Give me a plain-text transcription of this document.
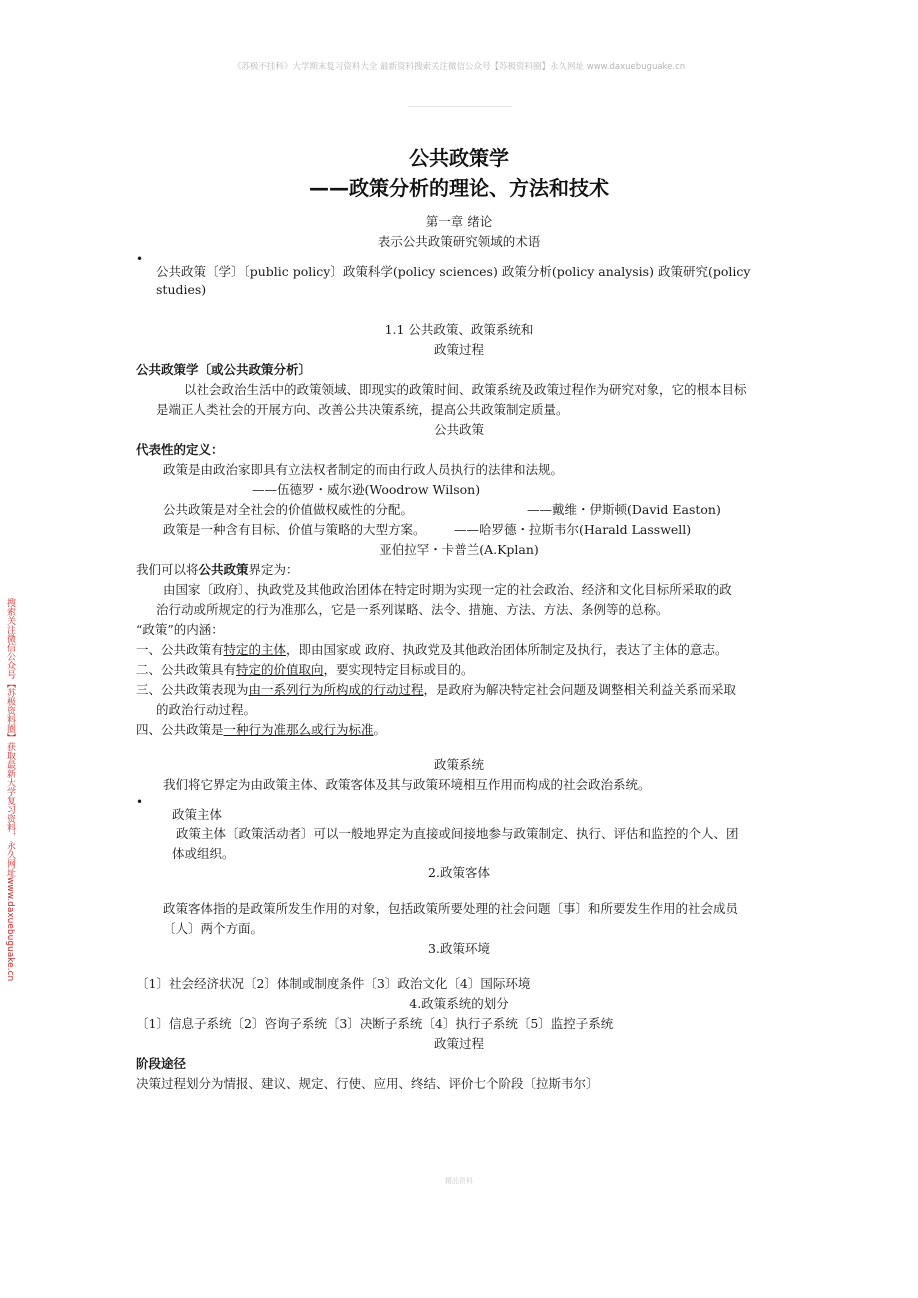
《苏极不挂科》大学期末复习资料大全 最新资料搜索关注微信公众号【苏极资料圈】永久网址 www.daxuebuguake.cn
搜索关注微信公众号【苏极资料圈】获取最新大学复习资料，永久网址www.daxuebuguake.cn
公共政策学
——政策分析的理论、方法和技术
第一章 绪论
表示公共政策研究领域的术语
•
公共政策〔学〕〔public policy〕政策科学(policy sciences) 政策分析(policy analysis) 政策研究(policy
studies)
1.1 公共政策、政策系统和
政策过程
公共政策学〔或公共政策分析〕
以社会政治生活中的政策领域、即现实的政策时间、政策系统及政策过程作为研究对象，它的根本目标
是端正人类社会的开展方向、改善公共决策系统，提高公共政策制定质量。
公共政策
代表性的定义：
政策是由政治家即具有立法权者制定的而由行政人员执行的法律和法规。
——伍德罗・威尔逊(Woodrow Wilson)
公共政策是对全社会的价值做权威性的分配。	——戴维・伊斯顿(David Easton)
政策是一种含有目标、价值与策略的大型方案。 ——哈罗德・拉斯韦尔(Harald Lasswell)
亚伯拉罕・卡普兰(A.Kplan)
我们可以将公共政策界定为：
由国家〔政府〕、执政党及其他政治团体在特定时期为实现一定的社会政治、经济和文化目标所采取的政
治行动或所规定的行为准那么，它是一系列谋略、法令、措施、方法、方法、条例等的总称。
“政策”的内涵：
一、公共政策有特定的主体，即由国家或 政府、执政党及其他政治团体所制定及执行，表达了主体的意志。
二、公共政策具有特定的价值取向，要实现特定目标或目的。
三、公共政策表现为由一系列行为所构成的行动过程，是政府为解决特定社会问题及调整相关利益关系而采取
的政治行动过程。
四、公共政策是一种行为准那么或行为标准。
政策系统
我们将它界定为由政策主体、政策客体及其与政策环境相互作用而构成的社会政治系统。
•
政策主体
政策主体〔政策活动者〕可以一般地界定为直接或间接地参与政策制定、执行、评估和监控的个人、团
体或组织。
2.政策客体
政策客体指的是政策所发生作用的对象，包括政策所要处理的社会问题〔事〕和所要发生作用的社会成员
〔人〕两个方面。
3.政策环境
〔1〕社会经济状况〔2〕体制或制度条件〔3〕政治文化〔4〕国际环境
4.政策系统的划分
〔1〕信息子系统〔2〕咨询子系统〔3〕决断子系统〔4〕执行子系统〔5〕监控子系统
政策过程
阶段途径
决策过程划分为情报、建议、规定、行使、应用、终结、评价七个阶段〔拉斯韦尔〕
精品资料
